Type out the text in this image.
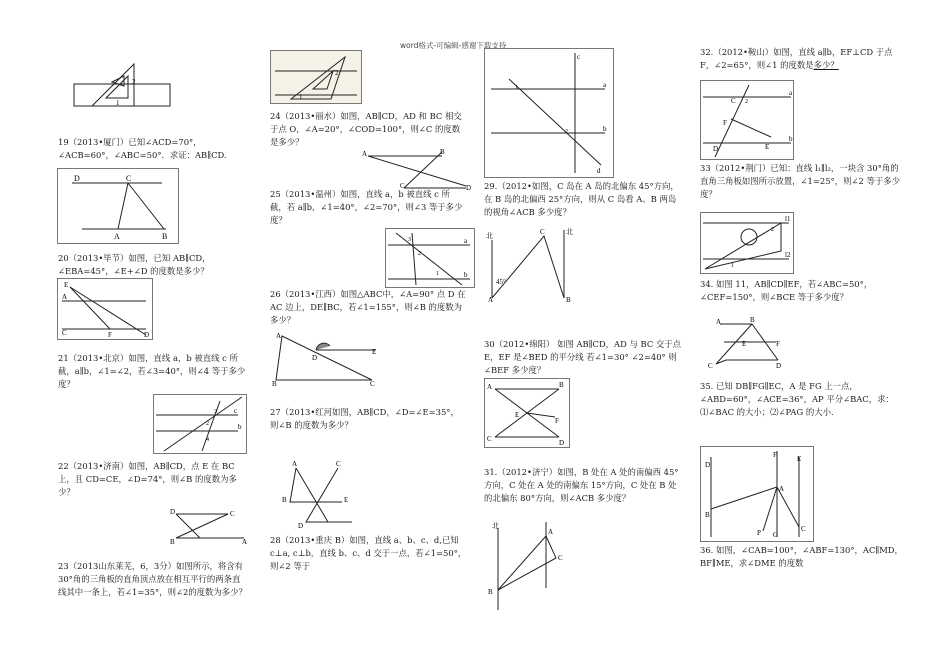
word格式-可编辑-感谢下载支持
2
1
19（2013•厦门）已知∠ACD=70°，∠ACB=60°，∠ABC=50°．求证：AB∥CD.
D	C
A	B
20（2013•毕节）如图，已知 AB∥CD，∠EBA=45°，∠E+∠D 的度数是多少？
E
A
C	F	D
21（2013•北京）如图，直线 a，b 被直线 c 所截，a∥b，∠1=∠2，若∠3=40°，则∠4 等于多少度？
c
b
3
2
4
22（2013•济南）如图，AB∥CD，点 E 在 BC 上，且 CD=CE，∠D=74°，则∠B 的度数为多少？
D	C
B	A
23（2013山东莱芜，6，3分）如图所示，将含有30°角的三角板的直角顶点放在相互平行的两条直线其中一条上，若∠1=35°，则∠2的度数为多少？
1
2
24（2013•丽水）如图，AB∥CD，AD 和 BC 相交于点 O，∠A=20°，∠COD=100°，则∠C 的度数是多少？
A	B
C	D
25（2013•温州）如图，直线 a，b 被直线 c 所截，若 a∥b，∠1=40°，∠2=70°，则∠3 等于多少度？
a
b
3
2
1
26（2013•江西）如图△ABC中，∠A=90° 点 D 在 AC 边上，DE∥BC，若∠1=155°，则∠B 的度数为多少？
A
D
E
B	C
27（2013•红河如图，AB∥CD，∠D=∠E=35°，则∠B 的度数为多少？
A	C
B	E
D
28（2013•重庆 B）如图，直线 a、b、c、d,已知 c⊥a, c⊥b，直线 b、c、d 交于一点，若∠1=50°，则∠2 等于
c
a
b
d
1
2
29.（2012•如图，C 岛在 A 岛的北偏东 45°方向，在 B 岛的北偏西 25°方向，则从 C 岛看 A、B 两岛的视角∠ACB 多少度？
45°
北	北
C
A	B
30（2012•绵阳） 如图 AB∥CD，AD 与 BC 交于点 E，EF 是∠BED 的平分线 若∠1=30° ∠2=40° 则∠BEF 多少度？
A	B
C	D
E
F
31.（2012•济宁）如图，B 处在 A 处的南偏西 45°方向，C 处在 A 处的南偏东 15°方向，C 处在 B 处的北偏东 80°方向，则∠ACB 多少度？
北
A
B
C
32.（2012•鞍山）如图，直线 a∥b，EF⊥CD 于点 F，∠2=65°，则∠1 的度数是多少？
C 2
F
D	E
a
b
33（2012•荆门）已知：直线 l₁∥l₂，一块含 30°角的直角三角板如图所示放置，∠1=25°，则∠2 等于多少度？
l1
l2
2
1
34. 如图 11，AB∥CD∥EF，若∠ABC=50°，∠CEF=150°，则∠BCE 等于多少度？
A	B
E	F
C	D
35. 已知 DB∥FG∥EC，A 是 FG 上一点，∠ABD=60°，∠ACE=36°，AP 平分∠BAC，求：⑴∠BAC 的大小；⑵∠PAG 的大小.
D
B
F	E
A
P G
C
36. 如图，∠CAB=100°，∠ABF=130°，AC∥MD，BF∥ME，求∠DME 的度数
